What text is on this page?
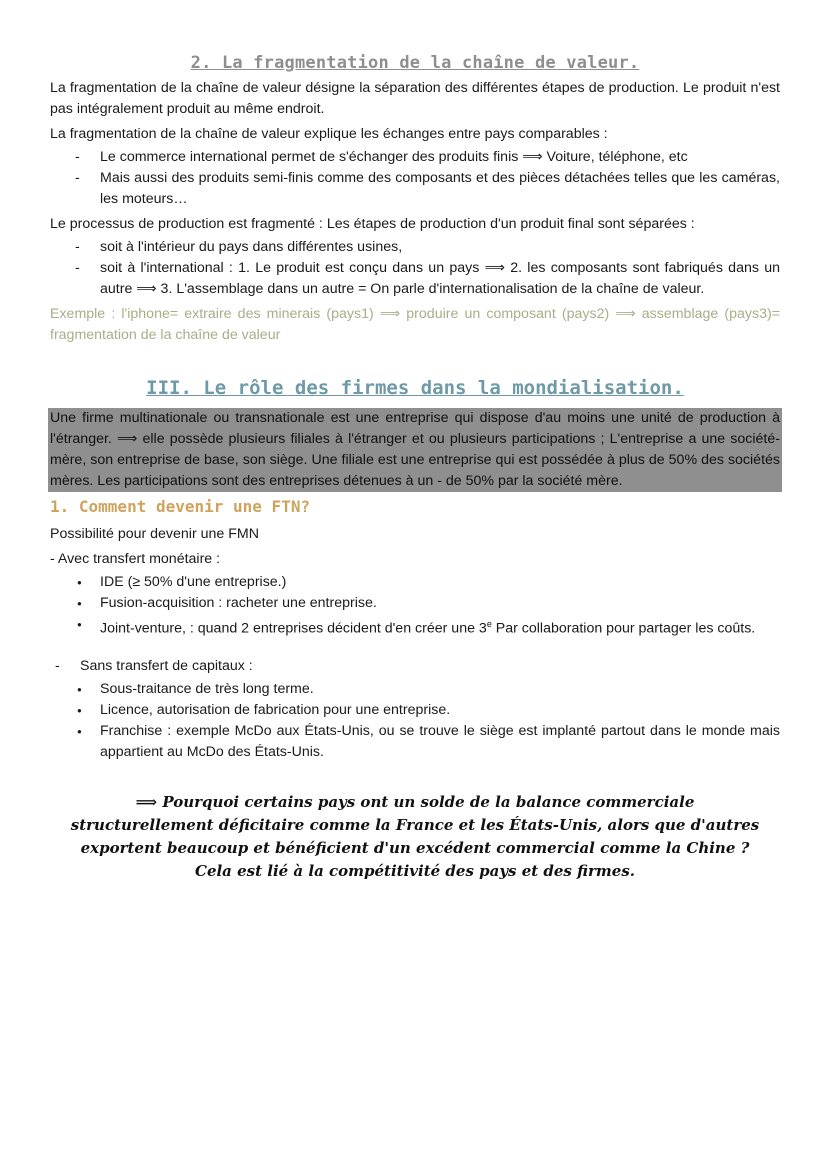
2. La fragmentation de la chaîne de valeur.

La fragmentation de la chaîne de valeur désigne la séparation des différentes étapes de production. Le produit n'est pas intégralement produit au même endroit.

La fragmentation de la chaîne de valeur explique les échanges entre pays comparables :

- Le commerce international permet de s'échanger des produits finis ⟹ Voiture, téléphone, etc
- Mais aussi des produits semi-finis comme des composants et des pièces détachées telles que les caméras, les moteurs…

Le processus de production est fragmenté : Les étapes de production d'un produit final sont séparées :

- soit à l'intérieur du pays dans différentes usines,
- soit à l'international : 1. Le produit est conçu dans un pays ⟹ 2. les composants sont fabriqués dans un autre ⟹ 3. L'assemblage dans un autre = On parle d'internationalisation de la chaîne de valeur.

Exemple : l'iphone= extraire des minerais (pays1) ⟹ produire un composant (pays2) ⟹ assemblage (pays3)= fragmentation de la chaîne de valeur

III. Le rôle des firmes dans la mondialisation.

Une firme multinationale ou transnationale est une entreprise qui dispose d'au moins une unité de production à l'étranger. ⟹ elle possède plusieurs filiales à l'étranger et ou plusieurs participations ; L'entreprise a une société-mère, son entreprise de base, son siège. Une filiale est une entreprise qui est possédée à plus de 50% des sociétés mères. Les participations sont des entreprises détenues à un - de 50% par la société mère.

1. Comment devenir une FTN?

Possibilité pour devenir une FMN

- Avec transfert monétaire :

● IDE (≥ 50% d'une entreprise.)
● Fusion-acquisition : racheter une entreprise.
● Joint-venture, : quand 2 entreprises décident d'en créer une 3e Par collaboration pour partager les coûts.
- Sans transfert de capitaux :
● Sous-traitance de très long terme.
● Licence, autorisation de fabrication pour une entreprise.
● Franchise : exemple McDo aux États-Unis, ou se trouve le siège est implanté partout dans le monde mais appartient au McDo des États-Unis.

⟹ Pourquoi certains pays ont un solde de la balance commerciale structurellement déficitaire comme la France et les États-Unis, alors que d'autres exportent beaucoup et bénéficient d'un excédent commercial comme la Chine ? Cela est lié à la compétitivité des pays et des firmes.
